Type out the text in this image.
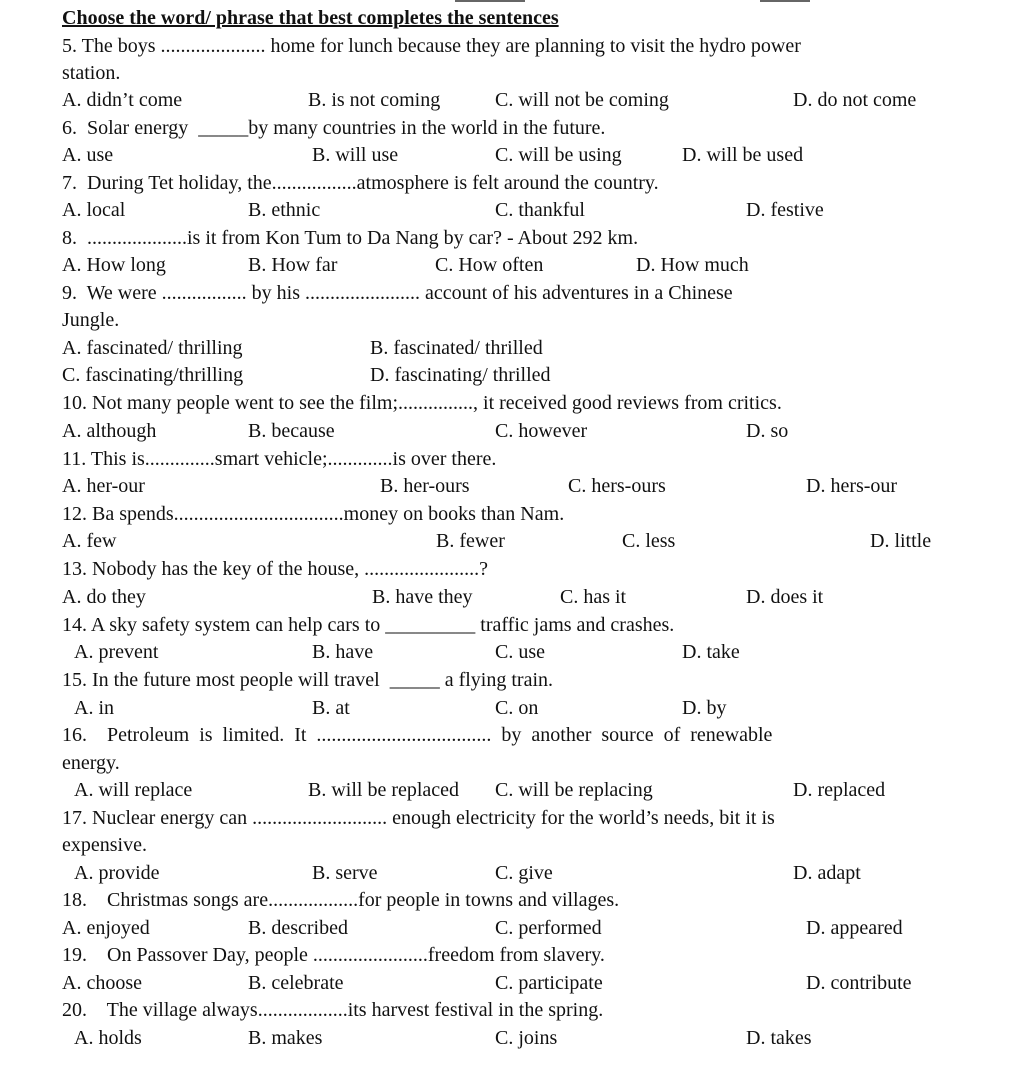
Choose the word/ phrase that best completes the sentences
5. The boys ..................... home for lunch because they are planning to visit the hydro power
station.
A. didn’t come	B. is not coming	C. will not be coming	D. do not come
6.  Solar energy  _____by many countries in the world in the future.
A. use	B. will use	C. will be using	D. will be used
7.  During Tet holiday, the.................atmosphere is felt around the country.
A. local	B. ethnic	C. thankful	D. festive
8.  ....................is it from Kon Tum to Da Nang by car? - About 292 km.
A. How long	B. How far	C. How often	D. How much
9.  We were ................. by his ....................... account of his adventures in a Chinese
Jungle.
A. fascinated/ thrilling	B. fascinated/ thrilled
C. fascinating/thrilling	D. fascinating/ thrilled
10. Not many people went to see the film;..............., it received good reviews from critics.
A. although	B. because	C. however	D. so
11. This is..............smart vehicle;.............is over there.
A. her-our	B. her-ours	C. hers-ours	D. hers-our
12. Ba spends..................................money on books than Nam.
A. few	B. fewer	C. less	D. little
13. Nobody has the key of the house, .......................?
A. do they	B. have they	C. has it	D. does it
14. A sky safety system can help cars to _________ traffic jams and crashes.
A. prevent	B. have	C. use	D. take
15. In the future most people will travel  _____ a flying train.
A. in	B. at	C. on	D. by
16.    Petroleum  is  limited.  It  ...................................  by  another  source  of  renewable
energy.
A. will replace	B. will be replaced C. will be replacing	D. replaced
17. Nuclear energy can ........................... enough electricity for the world’s needs, bit it is
expensive.
A. provide	B. serve	C. give	D. adapt
18.    Christmas songs are..................for people in towns and villages.
A. enjoyed	B. described	C. performed	D. appeared
19.    On Passover Day, people .......................freedom from slavery.
A. choose	B. celebrate	C. participate	D. contribute
20.    The village always..................its harvest festival in the spring.
A. holds	B. makes	C. joins	D. takes
